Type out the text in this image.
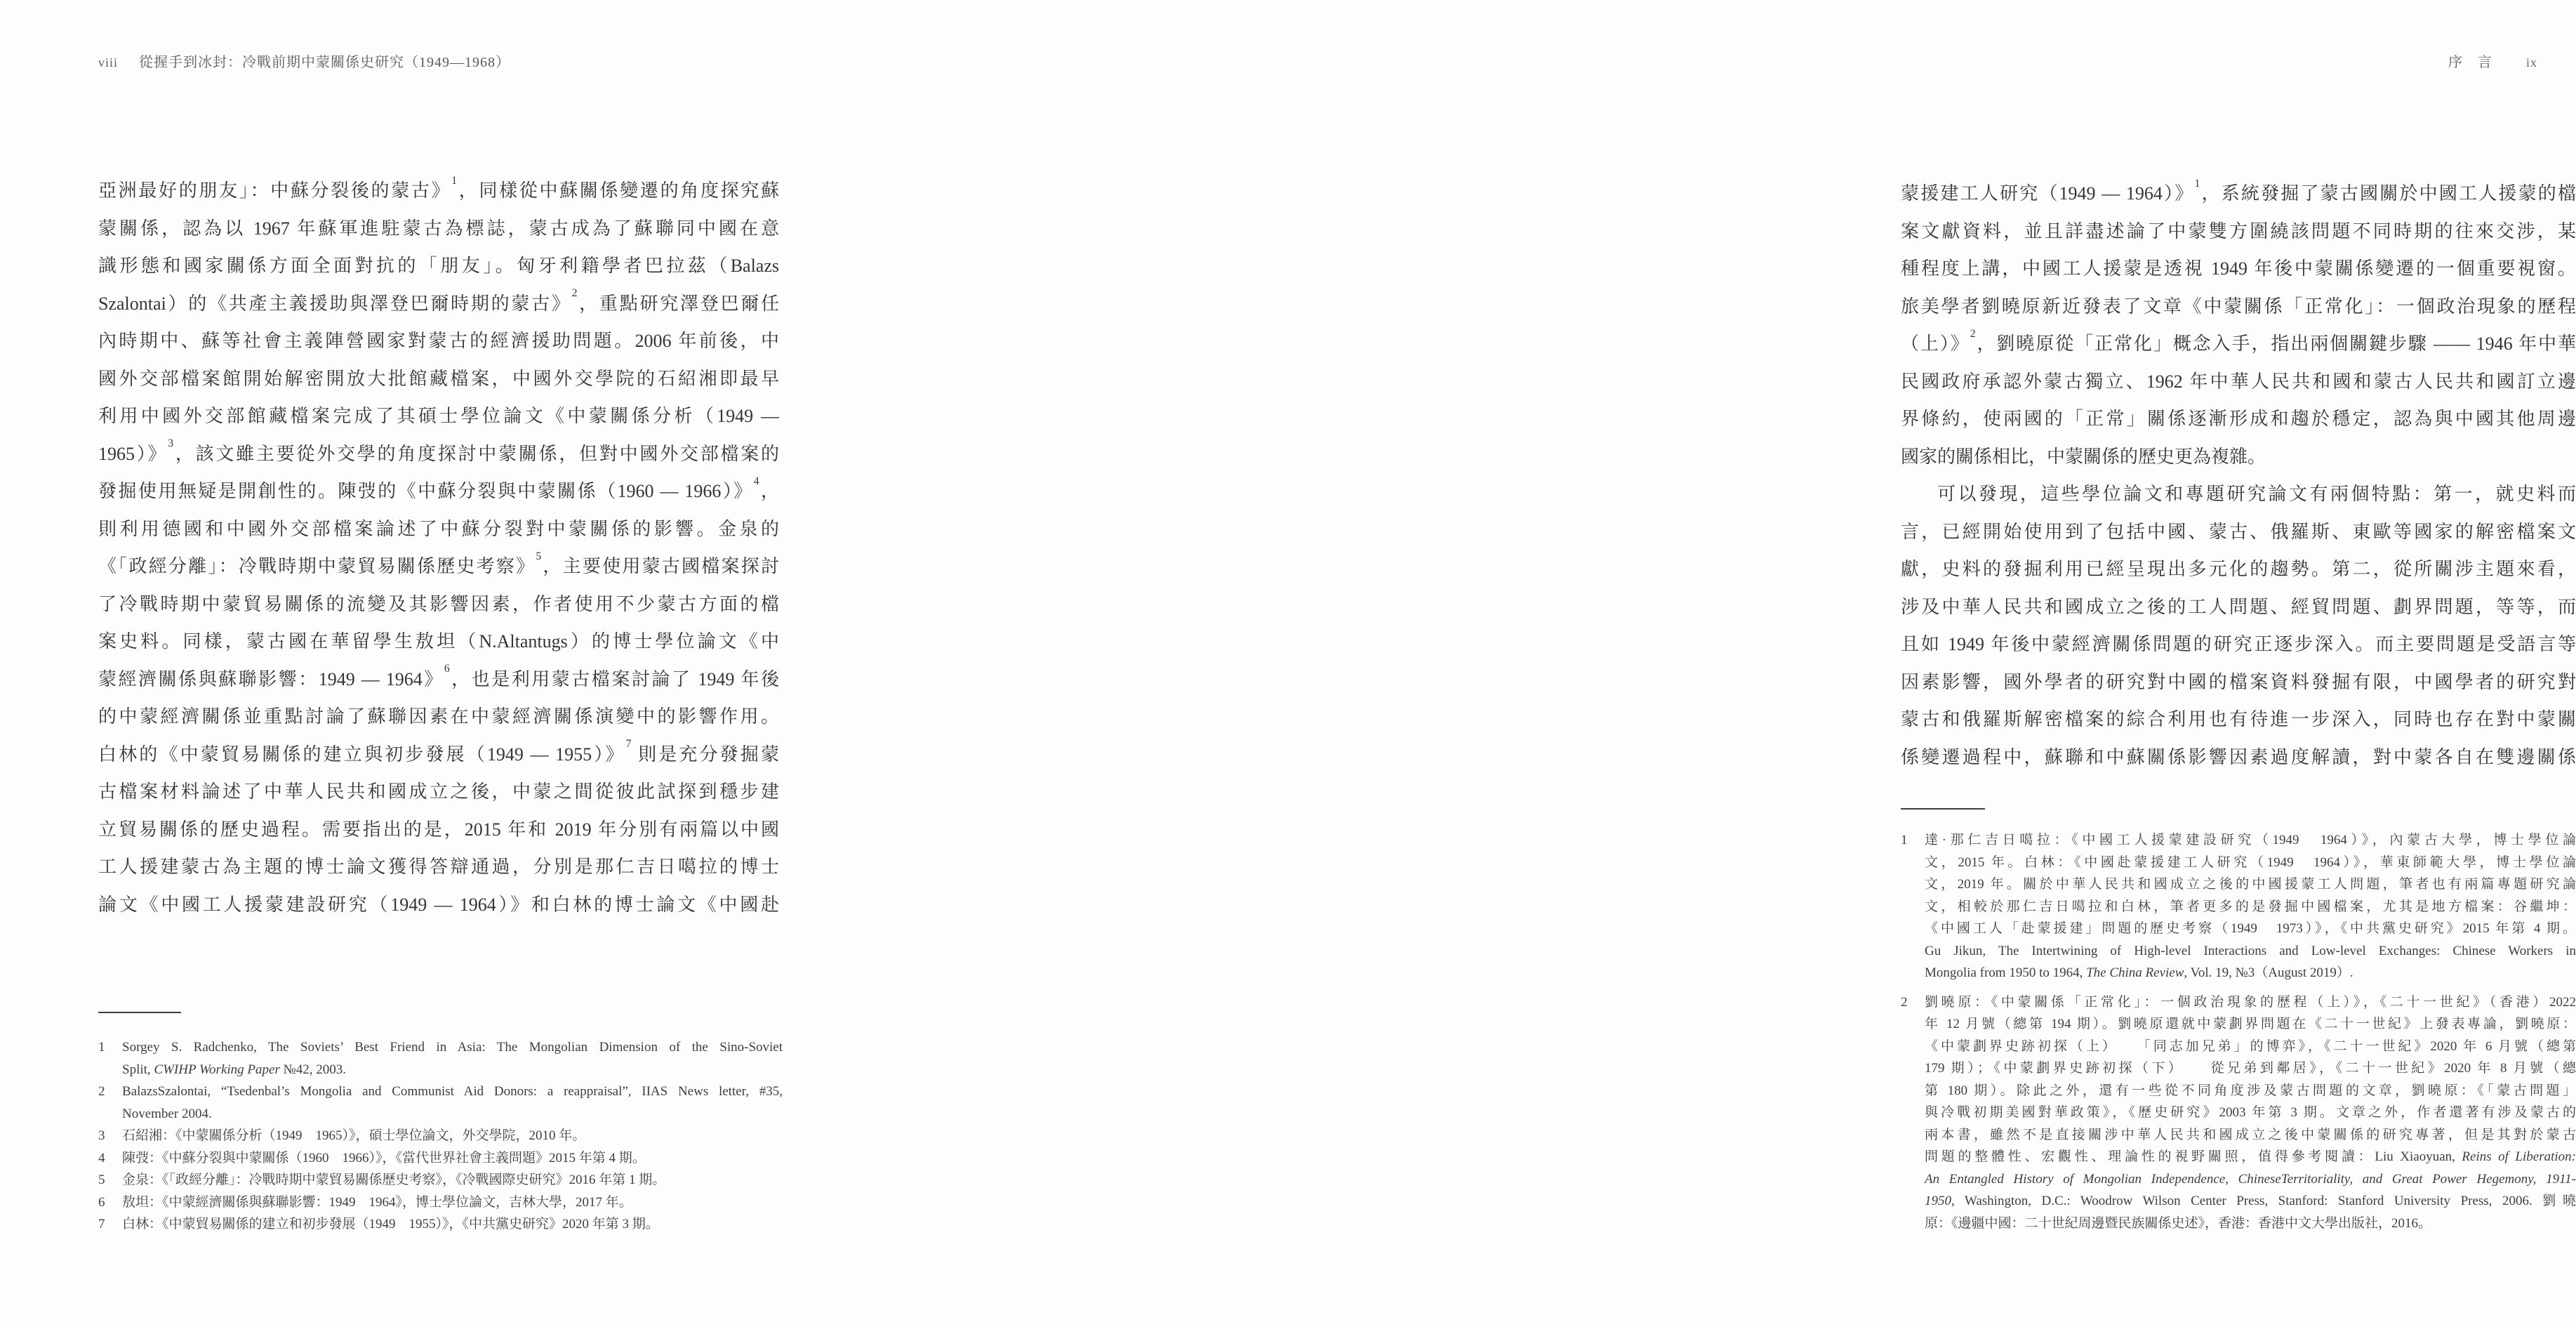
viii 從握手到冰封：冷戰前期中蒙關係史研究（1949—1968）
亞洲最好的朋友」：中蘇分裂後的蒙古》$^1$，同樣從中蘇關係變遷的角度探究蘇
蒙關係，認為以 1967 年蘇軍進駐蒙古為標誌，蒙古成為了蘇聯同中國在意
識形態和國家關係方面全面對抗的「朋友」。匈牙利籍學者巴拉茲（Balazs
Szalontai）的《共產主義援助與澤登巴爾時期的蒙古》$^2$，重點研究澤登巴爾任
內時期中、蘇等社會主義陣營國家對蒙古的經濟援助問題。2006 年前後，中
國外交部檔案館開始解密開放大批館藏檔案，中國外交學院的石紹湘即最早
利用中國外交部館藏檔案完成了其碩士學位論文《中蒙關係分析（1949 —
1965）》$^3$，該文雖主要從外交學的角度探討中蒙關係，但對中國外交部檔案的
發掘使用無疑是開創性的。陳弢的《中蘇分裂與中蒙關係（1960 — 1966）》$^4$，
則利用德國和中國外交部檔案論述了中蘇分裂對中蒙關係的影響。金泉的
《「政經分離」：冷戰時期中蒙貿易關係歷史考察》$^5$，主要使用蒙古國檔案探討
了冷戰時期中蒙貿易關係的流變及其影響因素，作者使用不少蒙古方面的檔
案史料。同樣，蒙古國在華留學生敖坦（N.Altantugs）的博士學位論文《中
蒙經濟關係與蘇聯影響：1949 — 1964》$^6$，也是利用蒙古檔案討論了 1949 年後
的中蒙經濟關係並重點討論了蘇聯因素在中蒙經濟關係演變中的影響作用。
白林的《中蒙貿易關係的建立與初步發展（1949 — 1955）》$^7$ 則是充分發掘蒙
古檔案材料論述了中華人民共和國成立之後，中蒙之間從彼此試探到穩步建
立貿易關係的歷史過程。需要指出的是，2015 年和 2019 年分別有兩篇以中國
工人援建蒙古為主題的博士論文獲得答辯通過，分別是那仁吉日噶拉的博士
論文《中國工人援蒙建設研究（1949 — 1964）》和白林的博士論文《中國赴
1 Sorgey S. Radchenko, The Soviets’ Best Friend in Asia: The Mongolian Dimension of the Sino-Soviet
Split, CWIHP Working Paper №42, 2003.
2 BalazsSzalontai, “Tsedenbal’s Mongolia and Communist Aid Donors: a reappraisal”, IIAS News letter, #35,
November 2004.
3 石紹湘：《中蒙關係分析（1949　1965）》，碩士學位論文，外交學院，2010 年。
4 陳弢：《中蘇分裂與中蒙關係（1960　1966）》，《當代世界社會主義問題》2015 年第 4 期。
5 金泉：《「政經分離」：冷戰時期中蒙貿易關係歷史考察》，《冷戰國際史研究》2016 年第 1 期。
6 敖坦：《中蒙經濟關係與蘇聯影響：1949　1964》，博士學位論文，吉林大學，2017 年。
7 白林：《中蒙貿易關係的建立和初步發展（1949　1955）》，《中共黨史研究》2020 年第 3 期。
序　言	ix
蒙援建工人研究（1949 — 1964）》$^1$，系統發掘了蒙古國關於中國工人援蒙的檔
案文獻資料，並且詳盡述論了中蒙雙方圍繞該問題不同時期的往來交涉，某
種程度上講，中國工人援蒙是透視 1949 年後中蒙關係變遷的一個重要視窗。
旅美學者劉曉原新近發表了文章《中蒙關係「正常化」：一個政治現象的歷程
（上）》$^2$，劉曉原從「正常化」概念入手，指出兩個關鍵步驟 —— 1946 年中華
民國政府承認外蒙古獨立、1962 年中華人民共和國和蒙古人民共和國訂立邊
界條約，使兩國的「正常」關係逐漸形成和趨於穩定，認為與中國其他周邊
國家的關係相比，中蒙關係的歷史更為複雜。
可以發現，這些學位論文和專題研究論文有兩個特點：第一，就史料而
言，已經開始使用到了包括中國、蒙古、俄羅斯、東歐等國家的解密檔案文
獻，史料的發掘利用已經呈現出多元化的趨勢。第二，從所關涉主題來看，
涉及中華人民共和國成立之後的工人問題、經貿問題、劃界問題，等等，而
且如 1949 年後中蒙經濟關係問題的研究正逐步深入。而主要問題是受語言等
因素影響，國外學者的研究對中國的檔案資料發掘有限，中國學者的研究對
蒙古和俄羅斯解密檔案的綜合利用也有待進一步深入，同時也存在對中蒙關
係變遷過程中，蘇聯和中蘇關係影響因素過度解讀，對中蒙各自在雙邊關係
1 達·那仁吉日噶拉：《中國工人援蒙建設研究（1949　1964）》，內蒙古大學，博士學位論
文，2015 年。白林：《中國赴蒙援建工人研究（1949　1964）》，華東師範大學，博士學位論
文，2019 年。關於中華人民共和國成立之後的中國援蒙工人問題，筆者也有兩篇專題研究論
文，相較於那仁吉日噶拉和白林，筆者更多的是發掘中國檔案，尤其是地方檔案：谷繼坤：
《中國工人「赴蒙援建」問題的歷史考察（1949　1973）》，《中共黨史研究》2015 年第 4 期。
Gu Jikun, The Intertwining of High-level Interactions and Low-level Exchanges: Chinese Workers in
Mongolia from 1950 to 1964, The China Review, Vol. 19, №3（August 2019）.
2 劉曉原：《中蒙關係「正常化」：一個政治現象的歷程（上）》，《二十一世紀》（香港）2022
年 12 月號（總第 194 期）。劉曉原還就中蒙劃界問題在《二十一世紀》上發表專論，劉曉原：
《中蒙劃界史跡初探（上）　　「同志加兄弟」的博弈》，《二十一世紀》2020 年 6 月號（總第
179 期）；《中蒙劃界史跡初探（下）　　從兄弟到鄰居》，《二十一世紀》2020 年 8 月號（總
第 180 期）。除此之外，還有一些從不同角度涉及蒙古問題的文章，劉曉原：《「蒙古問題」
與冷戰初期美國對華政策》，《歷史研究》2003 年第 3 期。文章之外，作者還著有涉及蒙古的
兩本書，雖然不是直接關涉中華人民共和國成立之後中蒙關係的研究專著，但是其對於蒙古
問題的整體性、宏觀性、理論性的視野關照，值得參考閱讀：Liu Xiaoyuan, Reins of Liberation:
An Entangled History of Mongolian Independence, ChineseTerritoriality, and Great Power Hegemony, 1911-
1950, Washington, D.C.: Woodrow Wilson Center Press, Stanford: Stanford University Press, 2006. 劉曉
原：《邊疆中國：二十世紀周邊暨民族關係史述》，香港：香港中文大學出版社，2016。
